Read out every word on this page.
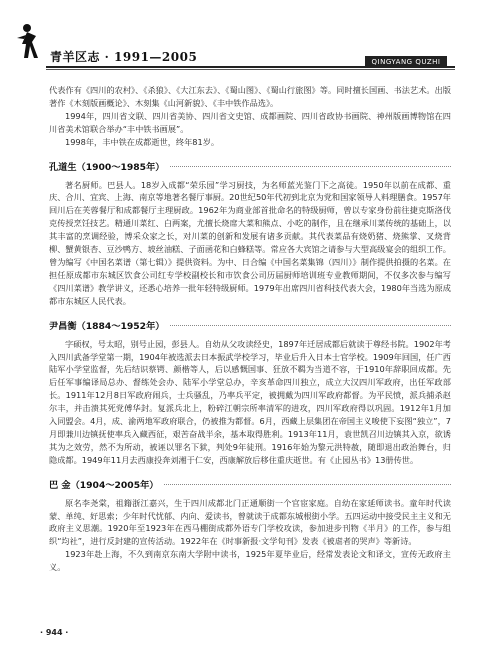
青羊区志 · 1991—2005	QINGYANG QUZHI

代表作有《四川的农村》、《杀狼》、《大江东去》、《蜀山图》、《蜀山行旅图》等。同时擅长国画、书法艺术。出版著作《木刻版画概论》、木刻集《山河新貌》、《丰中铁作品选》。

1994年，四川省文联、四川省美协、四川省文史馆、成都画院、四川省政协书画院、神州版画博物馆在四川省美术馆联合举办“丰中铁书画展”。

1998年，丰中铁在成都逝世，终年81岁。

孔道生（1900～1985年）

著名厨师。巴县人。18岁入成都“荣乐园”学习厨技，为名师蓝光鉴门下之高徒。1950年以前在成都、重庆、合川、宜宾、上海、南京等地著名餐厅事厨。20世纪50年代初到北京为党和国家领导人料理膳食。1957年回川后在芙蓉餐厅和成都餐厅主理厨政。1962年为商业部首批命名的特级厨师，曾以专家身份前往捷克斯洛伐克传授烹饪技艺。精通川菜红、白两案，尤擅长烧席大菜和熊点、小吃的制作，且在继承川菜传统的基础上，以其丰富的烹调经验，博采众家之长，对川菜的创新和发展有诸多贡献。其代表菜品有烧奶猪、烧熊掌、叉烧背柳、蟹黄银杏、豆沙鸭方、坡丝油糕、子面函花和白蜂糕等。常应各大宾馆之请参与大型高级宴会的组织工作。曾为编写《中国名菜谱（第七辑）》提供资料。为中、日合编《中国名菜集锦（四川）》制作提供拍摄的名菜。在担任原成都市东城区饮食公司红专学校副校长和市饮食公司历届厨师培训班专业教师期间，不仅多次参与编写《四川菜谱》教学讲义，还悉心培养一批年轻特级厨师。1979年出席四川省科技代表大会，1980年当选为原成都市东城区人民代表。

尹昌衡（1884～1952年）

字硕权，号太昭，别号止园，彭县人。自幼从父攻读经史，1897年迁居成都后就读于尊经书院。1902年考入四川武备学堂第一期，1904年被选派去日本振武学校学习，毕业后升入日本士官学校。1909年回国，任广西陆军小学堂监督，先后结识蔡锷、颜楷等人，后以感慨国事、狂放不羁为当道不容，于1910年辞职回成都。先后任军事编译局总办、督练处会办、陆军小学堂总办，辛亥革命四川独立，成立大汉四川军政府，出任军政部长。1911年12月8日军政府闹兵，士兵骚乱，乃率兵平定，被拥戴为四川军政府都督。为平民愤，派兵捕杀赵尔丰，并击溃其死党傅华封。复派兵北上，粉碎江朝宗所率清军的进攻，四川军政府得以巩固。1912年1月加入同盟会。4月，成、渝两地军政府联合，仍被推为都督。6月，西藏上层集团在帝国主义唆使下妄图“独立”，7月即兼川边镇抚使率兵入藏西征，艰苦奋战半余，基本取得胜利。1913年11月，袁世凯召川边镇其入京，欲诱其为之效劳，然不为所动，被诬以罪名下狱，判处9年徒刑。1916年始为黎元洪特赦，随即退出政治舞台，归隐成都。1949年11月去西康投奔刘湘于仁安，西康解放后移住重庆逝世。有《止园丛书》13册传世。

巴 金（1904～2005年）

原名李尧棠，祖籍浙江嘉兴，生于四川成都北门正通顺街一个官宦家庭。自幼在家延师读书。童年时代读蒙、单纯、好思索；少年时代忧郁、内向、爱读书，曾就读于成都东城根街小学。五四运动中接受民主主义和无政府主义思潮。1920年至1923年在西马棚街成都外语专门学校攻读，参加进步刊物《半月》的工作，参与组织“均社”，进行反封建的宣传活动。1922年在《时事新报·文学旬刊》发表《被虐者的哭声》等新诗。

1923年赴上海，不久到南京东南大学附中读书，1925年夏毕业后，经常发表论文和译文，宣传无政府主义。

· 944 ·
